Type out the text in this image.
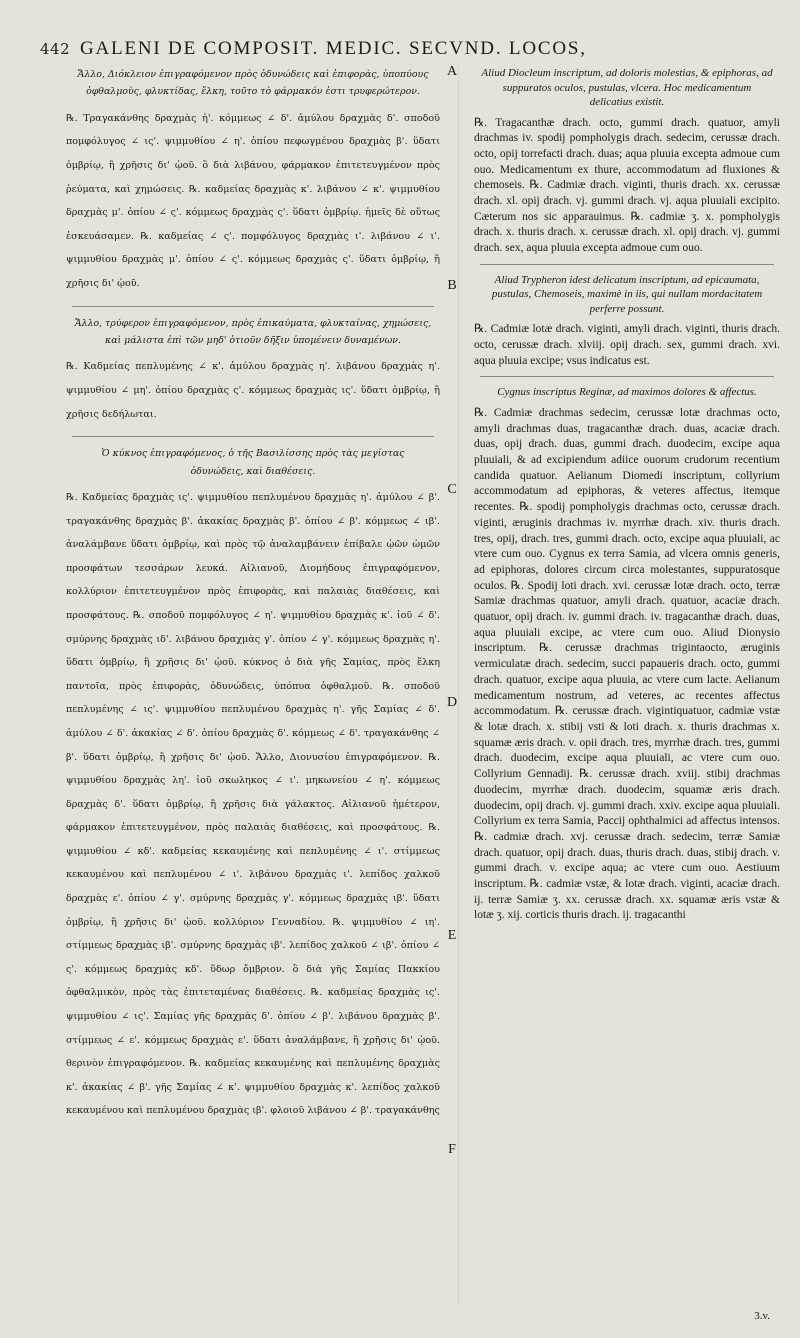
442 GALENI DE COMPOSIT. MEDIC. SECVND. LOCOS,

Ἄλλο, Διόκλειον ἐπιγραφόμενον πρὸς ὀδυνώδεις καὶ ἐπιφορὰς, ὑποπύους ὀφθαλμοὺς, φλυκτίδας, ἕλκη, τοῦτο τὸ φάρμακόν ἐστι τρυφερώτερον.

℞. Τραγακάνθης δραχμὰς ἡ'. κόμμεως ∠ δ'. ἀμύλου δραχμὰς δ'. σποδοῦ πομφόλυγος ∠ ις'. ψιμμυθίου ∠ η'. ὀπίου πεφωγμένου δραχμὰς β'. ὕδατι ὀμβρίῳ, ἢ χρῆσις δι' ᾠοῦ. ὃ διὰ λιβάνου, φάρμακον ἐπιτετευγμένον πρὸς ῥεύματα, καὶ χημώσεις. ℞. καδμείας δραχμὰς κ'. λιβάνου ∠ κ'. ψιμμυθίου δραχμὰς μ'. ὀπίου ∠ ς'. κόμμεως δραχμὰς ς'. ὕδατι ὀμβρίῳ. ἡμεῖς δὲ οὕτως ἐσκευάσαμεν. ℞. καδμείας ∠ ς'. πομφόλυγος δραχμὰς ι'. λιβάνου ∠ ι'. ψιμμυθίου δραχμὰς μ'. ὀπίου ∠ ς'. κόμμεως δραχμὰς ς'. ὕδατι ὀμβρίῳ, ἢ χρῆσις δι' ᾠοῦ.

Ἄλλο, τρύφερον ἐπιγραφόμενον, πρὸς ἐπικαύματα, φλυκταίνας, χημώσεις, καὶ μάλιστα ἐπὶ τῶν μηδ' ὁτιοῦν δῆξιν ὑπομένειν δυναμένων.

℞. Καδμείας πεπλυμένης ∠ κ'. ἀμύλου δραχμὰς η'. λιβάνου δραχμὰς η'. ψιμμυθίου ∠ μη'. ὀπίου δραχμὰς ς'. κόμμεως δραχμὰς ις'. ὕδατι ὀμβρίῳ, ἢ χρῆσις δεδήλωται.

Ὁ κύκνος ἐπιγραφόμενος, ὁ τῆς Βασιλίσσης πρὸς τὰς μεγίστας ὀδυνώδεις, καὶ διαθέσεις.

℞. Καδμείας δραχμὰς ις'. ψιμμυθίου πεπλυμένου δραχμὰς η'. ἀμύλου ∠ β'. τραγακάνθης δραχμὰς β'. ἀκακίας δραχμὰς β'. ὀπίου ∠ β'. κόμμεως ∠ ιβ'. ἀναλάμβανε ὕδατι ὀμβρίῳ, καὶ πρὸς τῷ ἀναλαμβάνειν ἐπίβαλε ᾠῶν ὠμῶν προσφάτων τεσσάρων λευκά. Αἰλιανοῦ, Διομήδους ἐπιγραφόμενον, κολλύριον ἐπιτετευγμένον πρὸς ἐπιφορὰς, καὶ παλαιὰς διαθέσεις, καὶ προσφάτους. ℞. σποδοῦ πομφόλυγος ∠ η'. ψιμμυθίου δραχμὰς κ'. ἰοῦ ∠ δ'. σμύρνης δραχμὰς ιδ'. λιβάνου δραχμὰς γ'. ὀπίου ∠ γ'. κόμμεως δραχμὰς η'. ὕδατι ὀμβρίῳ, ἢ χρῆσις δι' ᾠοῦ. κύκνος ὁ διὰ γῆς Σαμίας, πρὸς ἕλκη παντοῖα, πρὸς ἐπιφορὰς, ὀδυνώδεις, ὑπόπυα ὀφθαλμοῦ. ℞. σποδοῦ πεπλυμένης ∠ ις'. ψιμμυθίου πεπλυμένου δραχμὰς η'. γῆς Σαμίας ∠ δ'. ἀμύλου ∠ δ'. ἀκακίας ∠ δ'. ὀπίου δραχμὰς δ'. κόμμεως ∠ δ'. τραγακάνθης ∠ β'. ὕδατι ὀμβρίῳ, ἢ χρῆσις δι' ᾠοῦ. Ἄλλο, Διονυσίου ἐπιγραφόμενον. ℞. ψιμμυθίου δραχμὰς λη'. ἰοῦ σκωληκος ∠ ι'. μηκωνείου ∠ η'. κόμμεως δραχμὰς δ'. ὕδατι ὀμβρίῳ, ἢ χρῆσις διὰ γάλακτος. Αἰλιανοῦ ἡμέτερον, φάρμακον ἐπιτετευγμένον, πρὸς παλαιὰς διαθέσεις, καὶ προσφάτους. ℞. ψιμμυθίου ∠ κδ'. καδμείας κεκαυμένης καὶ πεπλυμένης ∠ ι'. στίμμεως κεκαυμένου καὶ πεπλυμένου ∠ ι'. λιβάνου δραχμὰς ι'. λεπίδος χαλκοῦ δραχμὰς ε'. ὀπίου ∠ γ'. σμύρνης δραχμὰς γ'. κόμμεως δραχμὰς ιβ'. ὕδατι ὀμβρίῳ, ἢ χρῆσις δι' ᾠοῦ. κολλύριον Γενναδίου. ℞. ψιμμυθίου ∠ ιη'. στίμμεως δραχμὰς ιβ'. σμύρνης δραχμὰς ιβ'. λεπίδος χαλκοῦ ∠ ιβ'. ὀπίου ∠ ς'. κόμμεως δραχμὰς κδ'. ὕδωρ ὄμβριον. ὃ διὰ γῆς Σαμίας Πακκίου ὀφθαλμικὸν, πρὸς τὰς ἐπιτεταμένας διαθέσεις. ℞. καδμείας δραχμὰς ις'. ψιμμυθίου ∠ ις'. Σαμίας γῆς δραχμὰς δ'. ὀπίου ∠ β'. λιβάνου δραχμὰς β'. στίμμεως ∠ ε'. κόμμεως δραχμὰς ε'. ὕδατι ἀναλάμβανε, ἢ χρῆσις δι' ᾠοῦ. θερινὸν ἐπιγραφόμενον. ℞. καδμείας κεκαυμένης καὶ πεπλυμένης δραχμὰς κ'. ἀκακίας ∠ β'. γῆς Σαμίας ∠ κ'. ψιμμυθίου δραχμὰς κ'. λεπίδος χαλκοῦ κεκαυμένου καὶ πεπλυμένου δραχμὰς ιβ'. φλοιοῦ λιβάνου ∠ β'. τραγακάνθης

A
B
C
D
E
F

Aliud Diocleum inscriptum, ad doloris molestias, & epiphoras, ad suppuratos oculos, pustulas, vlcera. Hoc medicamentum delicatius existit.

℞. Tragacanthæ drach. octo, gummi drach. quatuor, amyli drachmas iv. spodij pompholygis drach. sedecim, cerussæ drach. octo, opij torrefacti drach. duas; aqua pluuia excepta admoue cum ouo. Medicamentum ex thure, accommodatum ad fluxiones & chemoseis. ℞. Cadmiæ drach. viginti, thuris drach. xx. cerussæ drach. xl. opij drach. vj. gummi drach. vj. aqua pluuiali excipito. Cæterum nos sic apparauimus. ℞. cadmiæ ʒ. x. pompholygis drach. x. thuris drach. x. cerussæ drach. xl. opij drach. vj. gummi drach. sex, aqua pluuia excepta admoue cum ouo.

Aliud Trypheron idest delicatum inscriptum, ad epicaumata, pustulas, Chemoseis, maximè in iis, qui nullam mordacitatem perferre possunt.

℞. Cadmiæ lotæ drach. viginti, amyli drach. viginti, thuris drach. octo, cerussæ drach. xlviij. opij drach. sex, gummi drach. xvi. aqua pluuia excipe; vsus indicatus est.

Cygnus inscriptus Reginæ, ad maximos dolores & affectus.

℞. Cadmiæ drachmas sedecim, cerussæ lotæ drachmas octo, amyli drachmas duas, tragacanthæ drach. duas, acaciæ drach. duas, opij drach. duas, gummi drach. duodecim, excipe aqua pluuiali, & ad excipiendum adiice ouorum crudorum recentium candida quatuor. Aelianum Diomedi inscriptum, collyrium accommodatum ad epiphoras, & veteres affectus, itemque recentes. ℞. spodij pompholygis drachmas octo, cerussæ drach. viginti, æruginis drachmas iv. myrrhæ drach. xiv. thuris drach. tres, opij, drach. tres, gummi drach. octo, excipe aqua pluuiali, ac vtere cum ouo. Cygnus ex terra Samia, ad vlcera omnis generis, ad epiphoras, dolores circum circa molestantes, suppuratosque oculos. ℞. Spodij loti drach. xvi. cerussæ lotæ drach. octo, terræ Samiæ drachmas quatuor, amyli drach. quatuor, acaciæ drach. quatuor, opij drach. iv. gummi drach. iv. tragacanthæ drach. duas, aqua pluuiali excipe, ac vtere cum ouo. Aliud Dionysio inscriptum. ℞. cerussæ drachmas trigintaocto, æruginis vermiculatæ drach. sedecim, succi papaueris drach. octo, gummi drach. quatuor, excipe aqua pluuia, ac vtere cum lacte. Aelianum medicamentum nostrum, ad veteres, ac recentes affectus accommodatum. ℞. cerussæ drach. vigintiquatuor, cadmiæ vstæ & lotæ drach. x. stibij vsti & loti drach. x. thuris drachmas x. squamæ æris drach. v. opii drach. tres, myrrhæ drach. tres, gummi drach. duodecim, excipe aqua pluuiali, ac vtere cum ouo. Collyrium Gennadij. ℞. cerussæ drach. xviij. stibij drachmas duodecim, myrrhæ drach. duodecim, squamæ æris drach. duodecim, opij drach. vj. gummi drach. xxiv. excipe aqua pluuiali. Collyrium ex terra Samia, Paccij ophthalmici ad affectus intensos. ℞. cadmiæ drach. xvj. cerussæ drach. sedecim, terræ Samiæ drach. quatuor, opij drach. duas, thuris drach. duas, stibij drach. v. gummi drach. v. excipe aqua; ac vtere cum ouo. Aestiuum inscriptum. ℞. cadmiæ vstæ, & lotæ drach. viginti, acaciæ drach. ij. terræ Samiæ ʒ. xx. cerussæ drach. xx. squamæ æris vstæ & lotæ ʒ. xij. corticis thuris drach. ij. tragacanthi

3.v.
